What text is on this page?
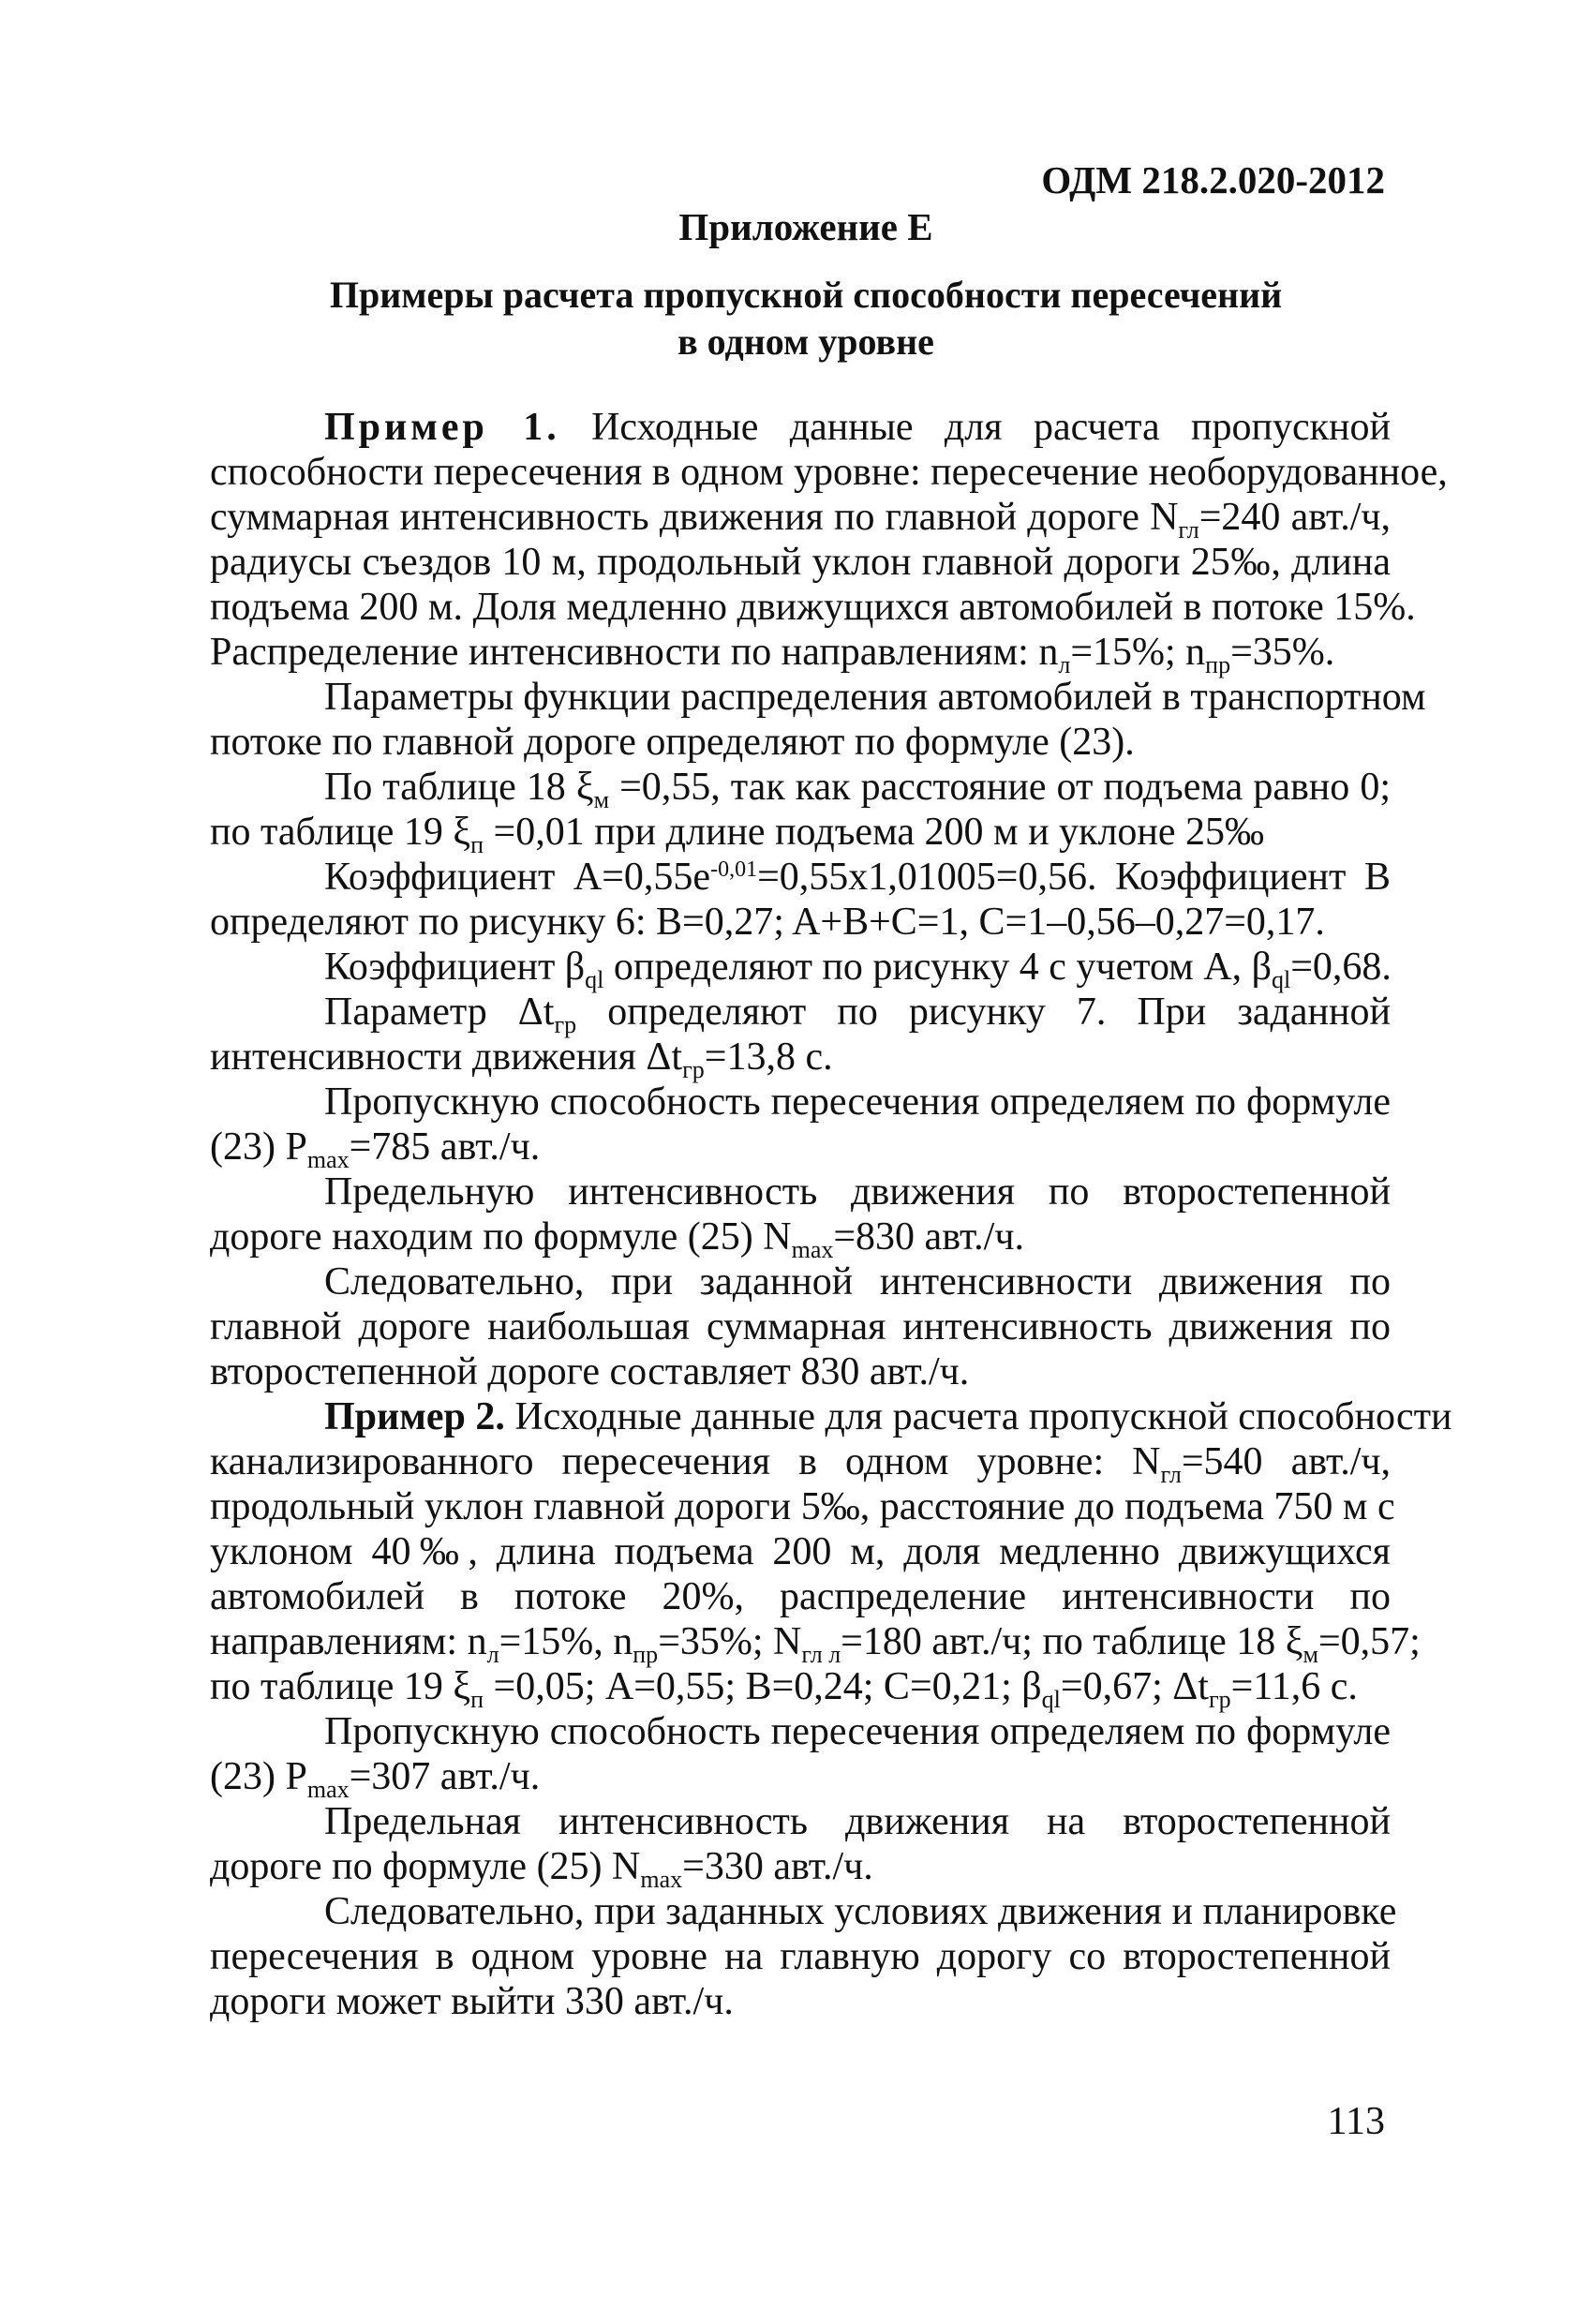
ОДМ 218.2.020-2012
Приложение Е
Примеры расчета пропускной способности пересечений
в одном уровне
Пример 1. Исходные данные для расчета пропускной
способности пересечения в одном уровне: пересечение необорудованное,
суммарная интенсивность движения по главной дороге $N_{гл}=240$ авт./ч,
радиусы съездов 10 м, продольный уклон главной дороги 25‰, длина
подъема 200 м. Доля медленно движущихся автомобилей в потоке 15%.
Распределение интенсивности по направлениям: $n_л=15\%$; $n_{пр}=35\%$.
Параметры функции распределения автомобилей в транспортном
потоке по главной дороге определяют по формуле (23).
По таблице 18 $\xi_м =0,55$, так как расстояние от подъема равно 0;
по таблице 19 $\xi_п =0,01$ при длине подъема 200 м и уклоне 25‰
Коэффициент $A=0,55e^{-0,01}=0,55x1,01005=0,56$. Коэффициент B
определяют по рисунку 6: B=0,27; A+B+C=1, C=1–0,56–0,27=0,17.
Коэффициент $\beta_{ql}$ определяют по рисунку 4 с учетом А, $\beta_{ql}=0,68$.
Параметр $\Delta t_{гр}$ определяют по рисунку 7. При заданной
интенсивности движения $\Delta t_{гр}=13,8$ с.
Пропускную способность пересечения определяем по формуле
(23) $P_{max}=785$ авт./ч.
Предельную интенсивность движения по второстепенной
дороге находим по формуле (25) $N_{max}=830$ авт./ч.
Следовательно, при заданной интенсивности движения по
главной дороге наибольшая суммарная интенсивность движения по
второстепенной дороге составляет 830 авт./ч.
Пример 2. Исходные данные для расчета пропускной способности
канализированного пересечения в одном уровне: $N_{гл}=540$ авт./ч,
продольный уклон главной дороги 5‰, расстояние до подъема 750 м с
уклоном 40‰, длина подъема 200 м, доля медленно движущихся
автомобилей в потоке 20%, распределение интенсивности по
направлениям: $n_л=15\%$, $n_{пр}=35\%$; $N_{гл л}=180$ авт./ч; по таблице 18 $\xi_м=0,57$;
по таблице 19 $\xi_п =0,05$; A=0,55; B=0,24; C=0,21; $\beta_{ql}=0,67$; $\Delta t_{гр}=11,6$ с.
Пропускную способность пересечения определяем по формуле
(23) $P_{max}=307$ авт./ч.
Предельная интенсивность движения на второстепенной
дороге по формуле (25) $N_{max}=330$ авт./ч.
Следовательно, при заданных условиях движения и планировке
пересечения в одном уровне на главную дорогу со второстепенной
дороги может выйти 330 авт./ч.
113
